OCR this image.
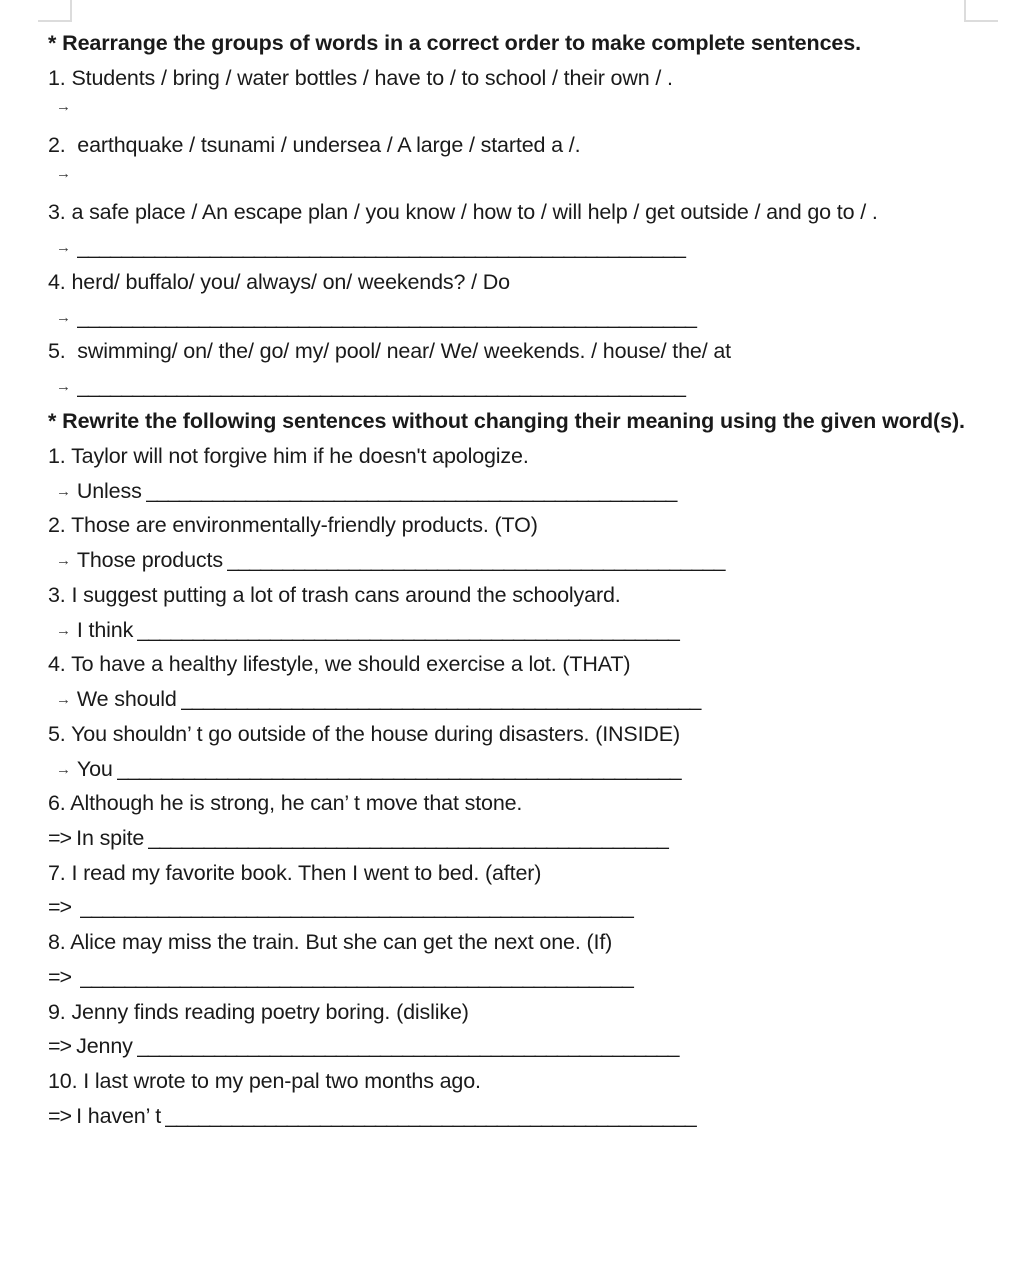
* Rearrange the groups of words in a correct order to make complete sentences.

1. Students / bring / water bottles / have to / to school / their own / .

→

2.  earthquake / tsunami / undersea / A large / started a /.

→

3. a safe place / An escape plan / you know / how to / will help / get outside / and go to / .

→ _______________________________________________________

4. herd/ buffalo/ you/ always/ on/ weekends? / Do

→ ________________________________________________________

5.  swimming/ on/ the/ go/ my/ pool/ near/ We/ weekends. / house/ the/ at

→ _______________________________________________________
* Rewrite the following sentences without changing their meaning using the given word(s).

1. Taylor will not forgive him if he doesn't apologize.

→ Unless ________________________________________________

2. Those are environmentally-friendly products. (TO)

→ Those products _____________________________________________

3. I suggest putting a lot of trash cans around the schoolyard.

→ I think _________________________________________________

4. To have a healthy lifestyle, we should exercise a lot. (THAT)

→ We should _______________________________________________

5. You shouldn’ t go outside of the house during disasters. (INSIDE)

→ You ___________________________________________________

6. Although he is strong, he can’ t move that stone.

=> In spite _______________________________________________

7. I read my favorite book. Then I went to bed. (after)

=> __________________________________________________

8. Alice may miss the train. But she can get the next one. (If)

=> __________________________________________________

9. Jenny finds reading poetry boring. (dislike)

=> Jenny _________________________________________________

10. I last wrote to my pen-pal two months ago.

=> I haven’ t ________________________________________________
